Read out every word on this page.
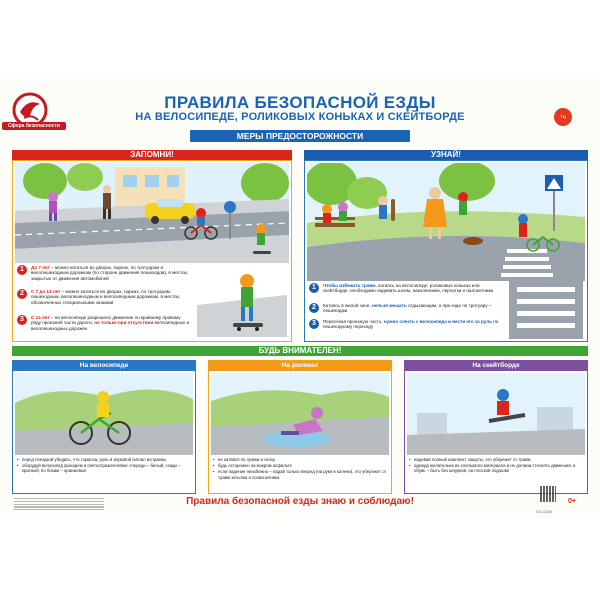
Сфера безопасности
ПРАВИЛА БЕЗОПАСНОЙ ЕЗДЫ
НА ВЕЛОСИПЕДЕ, РОЛИКОВЫХ КОНЬКАХ И СКЕЙТБОРДЕ
МЕРЫ ПРЕДОСТОРОЖНОСТИ
ТЦ СФЕРА
ЗАПОМНИ!	УЗНАЙ!
1	До 7 лет – можно кататься во дворах, парках, по тротуарам и велопешеходным дорожкам (по стороне движения пешеходов), в местах, закрытых от движения автомобилей
2	С 7 до 14 лет – можно кататься во дворах, парках, по тротуарам, пешеходным, велопешеходным и велосипедным дорожкам, в местах, обозначенных специальными знаками
3	С 14 лет – на велосипеде разрешено движение по крайнему правому ряду проезжей части дороги, но только при отсутствии велосипедных и велопешеходных дорожек
1	Чтобы избежать травм, катаясь на велосипеде, роликовых коньках или скейтборде, необходимо надевать шлем, наколенники, перчатки и налокотники
2	Катаясь в жилой зоне, нельзя мешать отдыхающим, а при езде по тротуару – пешеходам
3	Пересекая проезжую часть, нужно слезть с велосипеда и вести его за руль по пешеходному переходу
БУДЬ ВНИМАТЕЛЕН!
На велосипеде
• перед поездкой убедись, что тормоза, руль и звуковой сигнал исправны
• оборудуй велосипед фонарем и светоотражателями: спереди – белый, сзади – красный, по бокам – оранжевые
На роликах
• не катайся по лужам и песку
• будь осторожен на мокром асфальте
• если падение неизбежно – падай только вперед (на руки и колени), это убережет от травм затылка и позвоночника
На скейтборде
• надевай полный комплект защиты, это убережет от травм
• одежда желательна из хлопкового материала и не должна стеснять движения, а обувь – быть без шнурков, на плоской подошве
Правила безопасной езды знаю и соблюдаю!	0+
ПЛ-12345
